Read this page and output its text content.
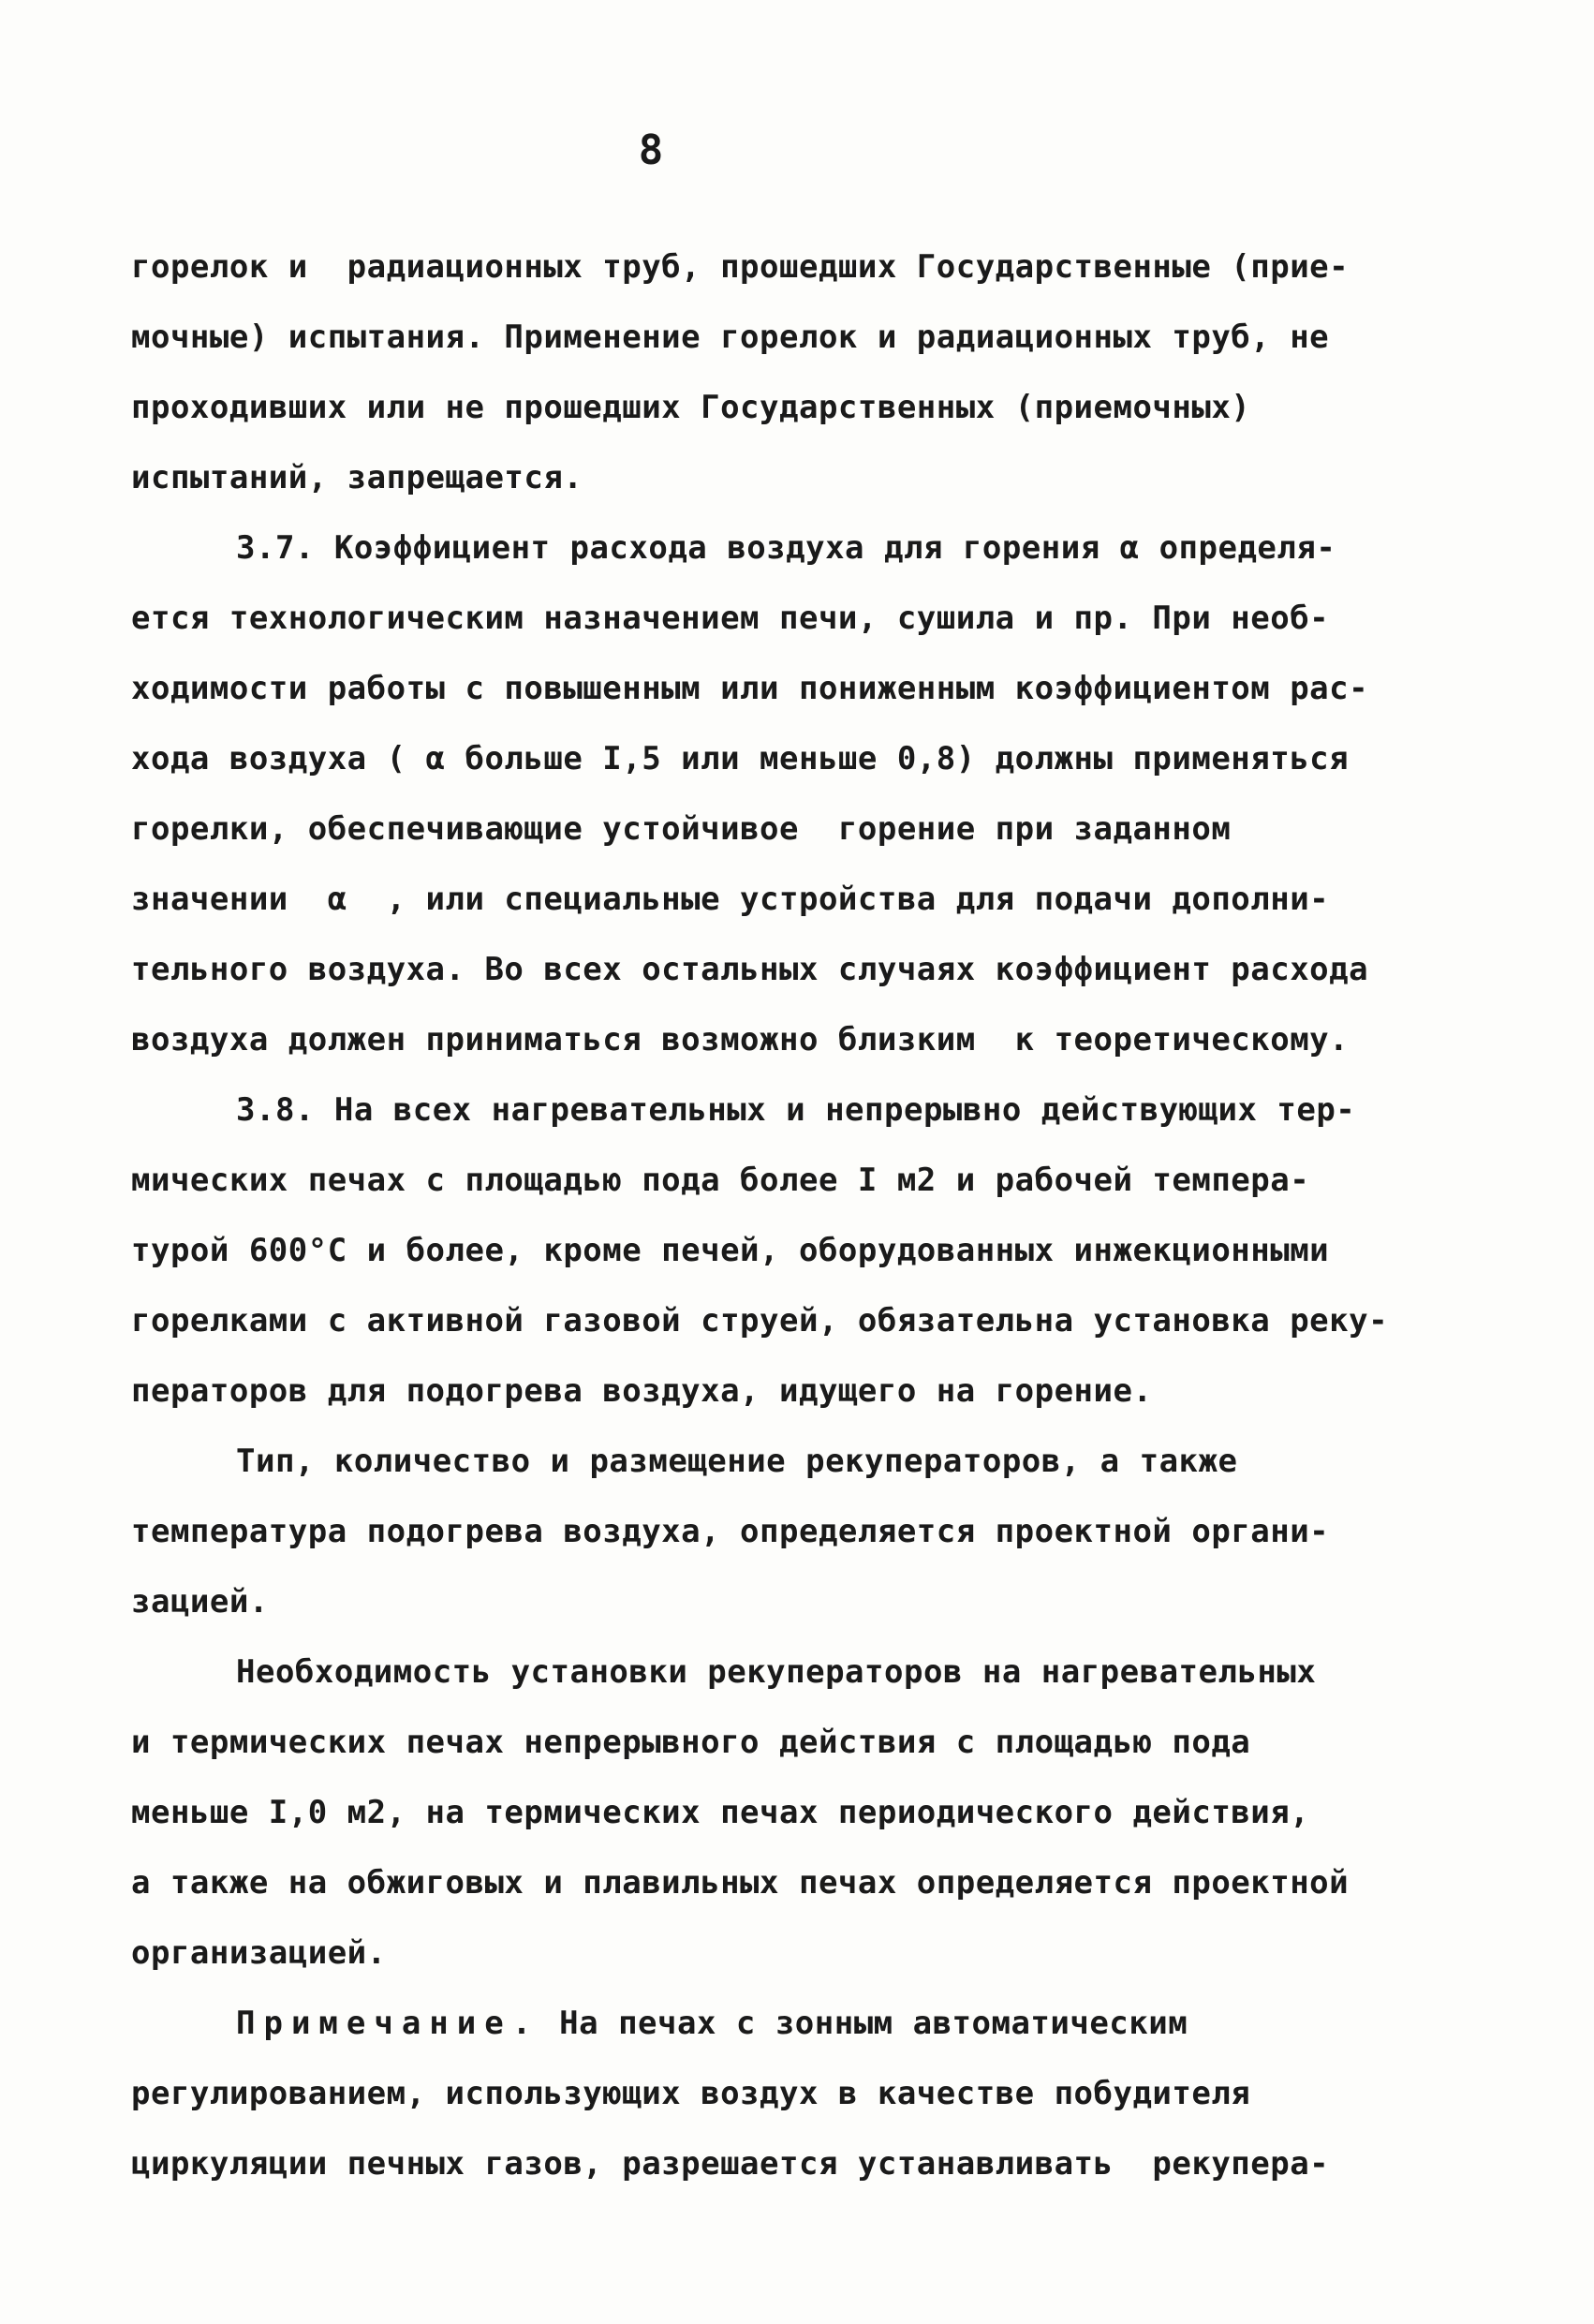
8
горелок и  радиационных труб, прошедших Государственные (прие-
мочные) испытания. Применение горелок и радиационных труб, не
проходивших или не прошедших Государственных (приемочных)
испытаний, запрещается.
3.7. Коэффициент расхода воздуха для горения α определя-
ется технологическим назначением печи, сушила и пр. При необ-
ходимости работы с повышенным или пониженным коэффициентом рас-
хода воздуха ( α больше I,5 или меньше 0,8) должны применяться
горелки, обеспечивающие устойчивое  горение при заданном
значении  α  , или специальные устройства для подачи дополни-
тельного воздуха. Во всех остальных случаях коэффициент расхода
воздуха должен приниматься возможно близким  к теоретическому.
3.8. На всех нагревательных и непрерывно действующих тер-
мических печах с площадью пода более I м2 и рабочей темпера-
турой 600°С и более, кроме печей, оборудованных инжекционными
горелками с активной газовой струей, обязательна установка реку-
ператоров для подогрева воздуха, идущего на горение.
Тип, количество и размещение рекуператоров, а также
температура подогрева воздуха, определяется проектной органи-
зацией.
Необходимость установки рекуператоров на нагревательных
и термических печах непрерывного действия с площадью пода
меньше I,0 м2, на термических печах периодического действия,
а также на обжиговых и плавильных печах определяется проектной
организацией.
Примечание. На печах с зонным автоматическим
регулированием, использующих воздух в качестве побудителя
циркуляции печных газов, разрешается устанавливать  рекупера-
